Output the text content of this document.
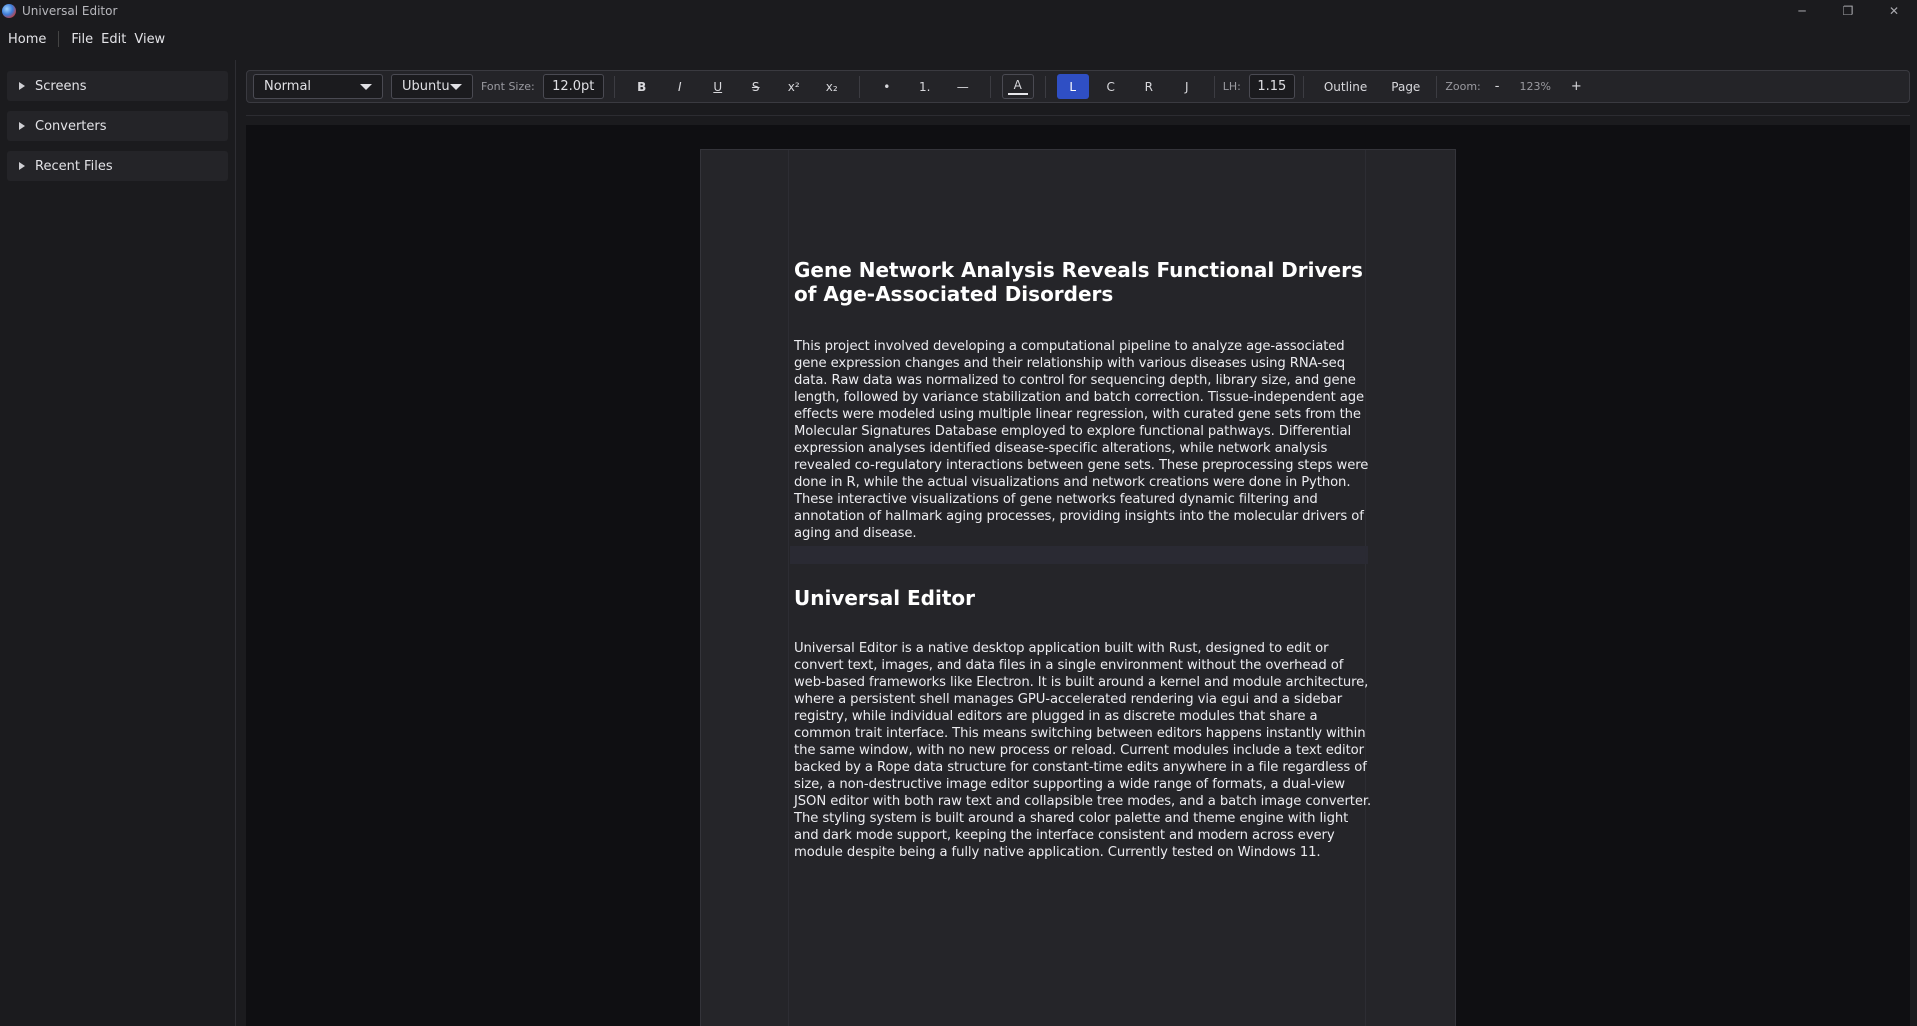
Universal Editor	─	❐	✕
Home	File Edit View
Screens
Converters
Recent Files
Normal	Ubuntu	Font Size:	12.0pt	B	I	U	S	x²	x₂	•	1.	—	A	L	C	R	J	LH:	1.15	Outline	Page	Zoom:	-	123%	+
Gene Network Analysis Reveals Functional Drivers of Age-Associated Disorders

This project involved developing a computational pipeline to analyze age-associated gene expression changes and their relationship with various diseases using RNA-seq data. Raw data was normalized to control for sequencing depth, library size, and gene length, followed by variance stabilization and batch correction. Tissue-independent age effects were modeled using multiple linear regression, with curated gene sets from the Molecular Signatures Database employed to explore functional pathways. Differential expression analyses identified disease-specific alterations, while network analysis revealed co-regulatory interactions between gene sets. These preprocessing steps were done in R, while the actual visualizations and network creations were done in Python. These interactive visualizations of gene networks featured dynamic filtering and annotation of hallmark aging processes, providing insights into the molecular drivers of aging and disease.

Universal Editor

Universal Editor is a native desktop application built with Rust, designed to edit or convert text, images, and data files in a single environment without the overhead of web-based frameworks like Electron. It is built around a kernel and module architecture, where a persistent shell manages GPU-accelerated rendering via egui and a sidebar registry, while individual editors are plugged in as discrete modules that share a common trait interface. This means switching between editors happens instantly within the same window, with no new process or reload. Current modules include a text editor backed by a Rope data structure for constant-time edits anywhere in a file regardless of size, a non-destructive image editor supporting a wide range of formats, a dual-view JSON editor with both raw text and collapsible tree modes, and a batch image converter. The styling system is built around a shared color palette and theme engine with light and dark mode support, keeping the interface consistent and modern across every module despite being a fully native application. Currently tested on Windows 11.
